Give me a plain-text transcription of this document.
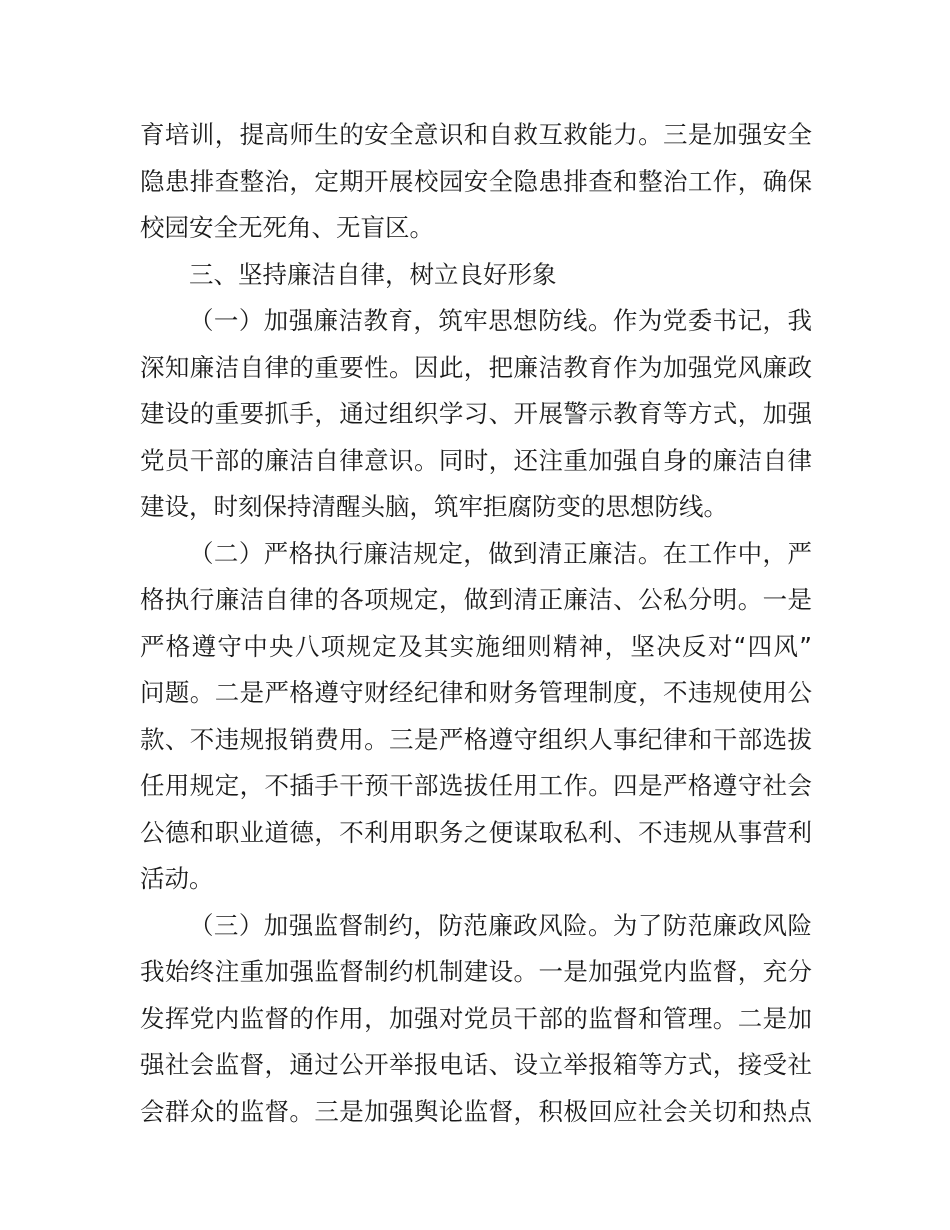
育培训，提高师生的安全意识和自救互救能力。三是加强安全
隐患排查整治，定期开展校园安全隐患排查和整治工作，确保
校园安全无死角、无盲区。
三、坚持廉洁自律，树立良好形象
（一）加强廉洁教育，筑牢思想防线。作为党委书记，我
深知廉洁自律的重要性。因此，把廉洁教育作为加强党风廉政
建设的重要抓手，通过组织学习、开展警示教育等方式，加强
党员干部的廉洁自律意识。同时，还注重加强自身的廉洁自律
建设，时刻保持清醒头脑，筑牢拒腐防变的思想防线。
（二）严格执行廉洁规定，做到清正廉洁。在工作中，严
格执行廉洁自律的各项规定，做到清正廉洁、公私分明。一是
严格遵守中央八项规定及其实施细则精神，坚决反对“四风”
问题。二是严格遵守财经纪律和财务管理制度，不违规使用公
款、不违规报销费用。三是严格遵守组织人事纪律和干部选拔
任用规定，不插手干预干部选拔任用工作。四是严格遵守社会
公德和职业道德，不利用职务之便谋取私利、不违规从事营利
活动。
（三）加强监督制约，防范廉政风险。为了防范廉政风险
我始终注重加强监督制约机制建设。一是加强党内监督，充分
发挥党内监督的作用，加强对党员干部的监督和管理。二是加
强社会监督，通过公开举报电话、设立举报箱等方式，接受社
会群众的监督。三是加强舆论监督，积极回应社会关切和热点
